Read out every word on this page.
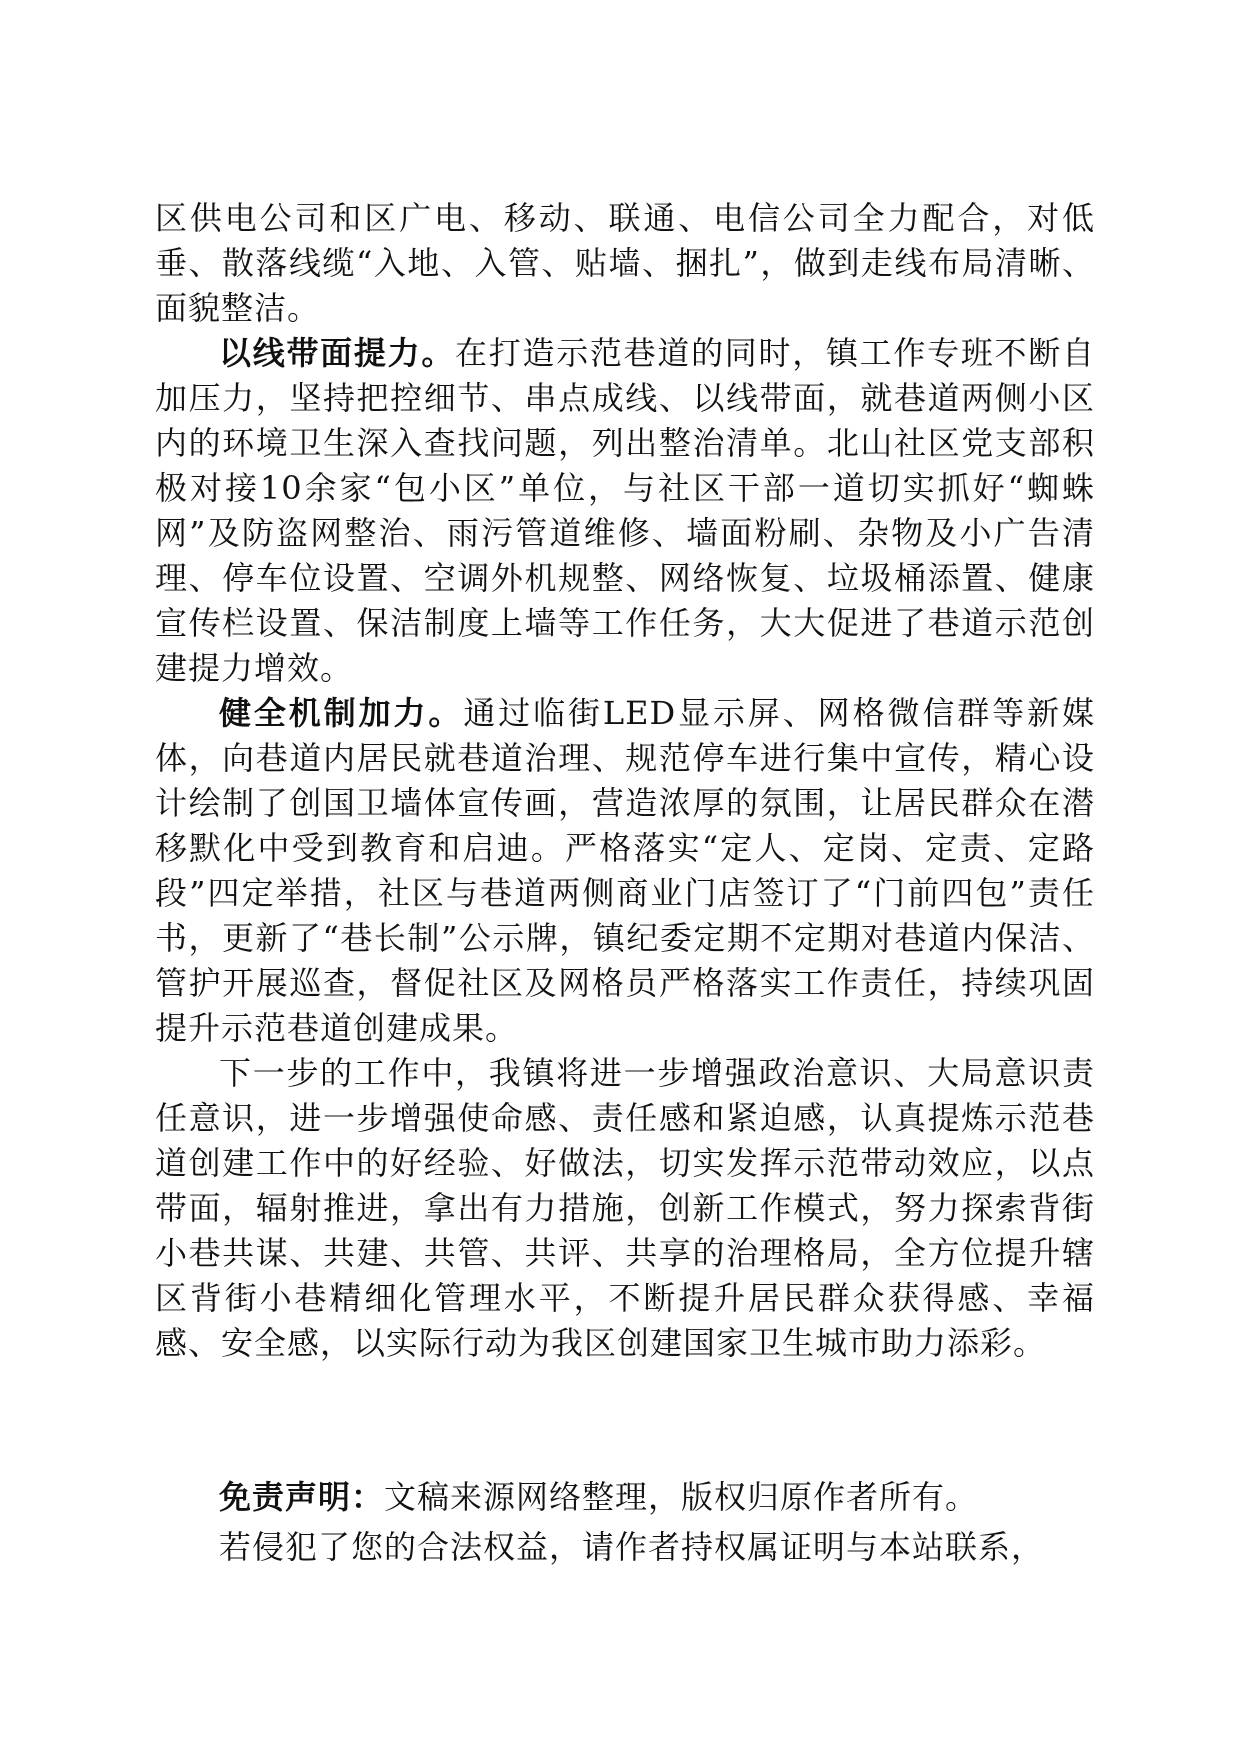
区供电公司和区广电、移动、联通、电信公司全力配合，对低垂、散落线缆“入地、入管、贴墙、捆扎”，做到走线布局清晰、面貌整洁。

以线带面提力。在打造示范巷道的同时，镇工作专班不断自加压力，坚持把控细节、串点成线、以线带面，就巷道两侧小区内的环境卫生深入查找问题，列出整治清单。北山社区党支部积极对接10余家“包小区”单位，与社区干部一道切实抓好“蜘蛛网”及防盗网整治、雨污管道维修、墙面粉刷、杂物及小广告清理、停车位设置、空调外机规整、网络恢复、垃圾桶添置、健康宣传栏设置、保洁制度上墙等工作任务，大大促进了巷道示范创建提力增效。

健全机制加力。通过临街LED显示屏、网格微信群等新媒体，向巷道内居民就巷道治理、规范停车进行集中宣传，精心设计绘制了创国卫墙体宣传画，营造浓厚的氛围，让居民群众在潜移默化中受到教育和启迪。严格落实“定人、定岗、定责、定路段”四定举措，社区与巷道两侧商业门店签订了“门前四包”责任书，更新了“巷长制”公示牌，镇纪委定期不定期对巷道内保洁、管护开展巡查，督促社区及网格员严格落实工作责任，持续巩固提升示范巷道创建成果。

下一步的工作中，我镇将进一步增强政治意识、大局意识责任意识，进一步增强使命感、责任感和紧迫感，认真提炼示范巷道创建工作中的好经验、好做法，切实发挥示范带动效应，以点带面，辐射推进，拿出有力措施，创新工作模式，努力探索背街小巷共谋、共建、共管、共评、共享的治理格局，全方位提升辖区背街小巷精细化管理水平，不断提升居民群众获得感、幸福感、安全感，以实际行动为我区创建国家卫生城市助力添彩。

免责声明：文稿来源网络整理，版权归原作者所有。
若侵犯了您的合法权益，请作者持权属证明与本站联系，
